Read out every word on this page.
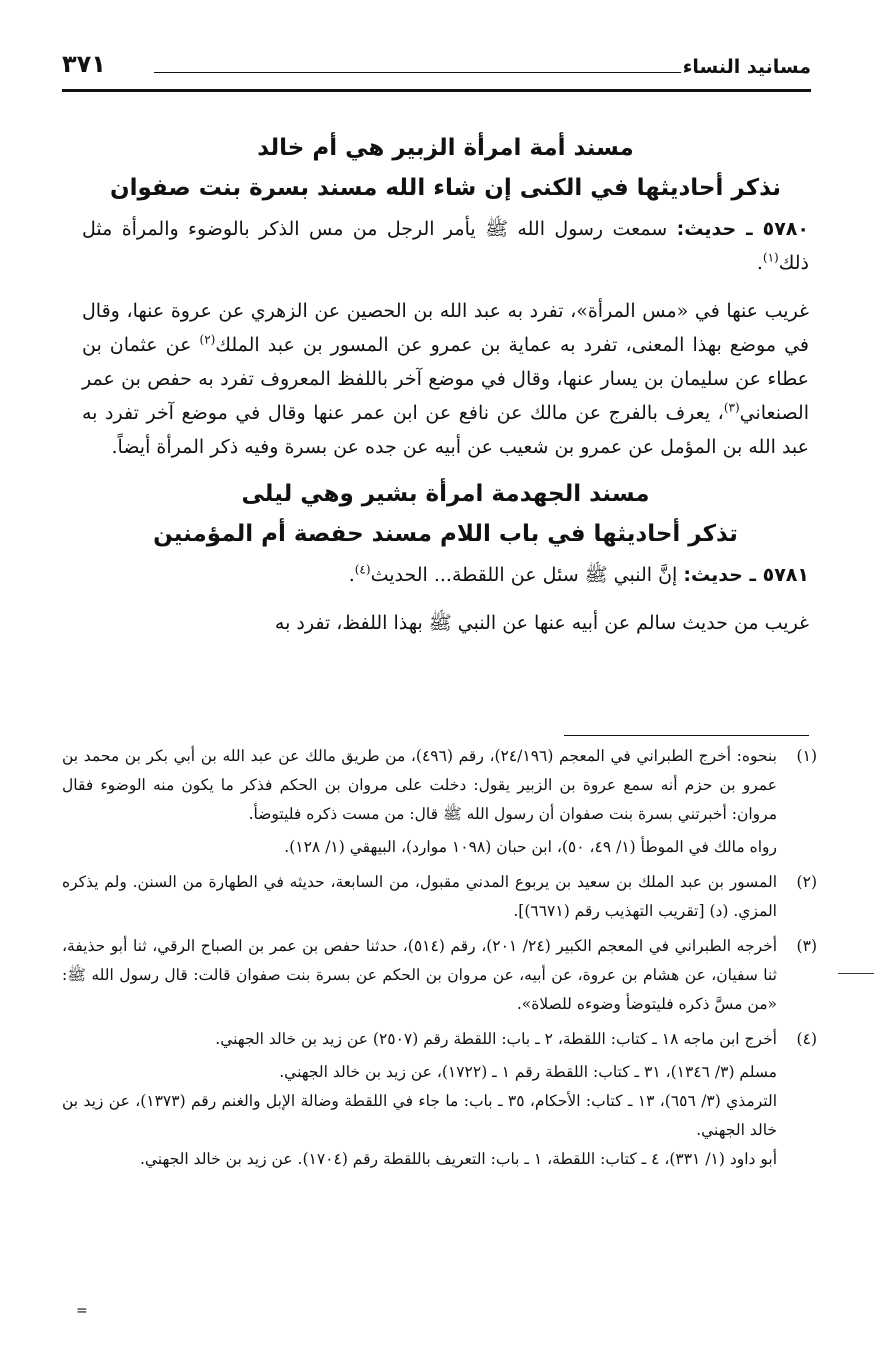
مسانيد النساء
٣٧١

مسند أمة امرأة الزبير هي أم خالد

نذكر أحاديثها في الكنى إن شاء الله مسند بسرة بنت صفوان

٥٧٨٠ ـ حديث: سمعت رسول الله ﷺ يأمر الرجل من مس الذكر بالوضوء والمرأة مثل ذلك$^{(١)}$.

غريب عنها في «مس المرأة»، تفرد به عبد الله بن الحصين عن الزهري عن عروة عنها، وقال في موضع بهذا المعنى، تفرد به عماية بن عمرو عن المسور بن عبد الملك$^{(٢)}$ عن عثمان بن عطاء عن سليمان بن يسار عنها، وقال في موضع آخر باللفظ المعروف تفرد به حفص بن عمر الصنعاني$^{(٣)}$، يعرف بالفرج عن مالك عن نافع عن ابن عمر عنها وقال في موضع آخر تفرد به عبد الله بن المؤمل عن عمرو بن شعيب عن أبيه عن جده عن بسرة وفيه ذكر المرأة أيضاً.

مسند الجهدمة امرأة بشير وهي ليلى

تذكر أحاديثها في باب اللام مسند حفصة أم المؤمنين

٥٧٨١ ـ حديث: إنَّ النبي ﷺ سئل عن اللقطة... الحديث$^{(٤)}$.

غريب من حديث سالم عن أبيه عنها عن النبي ﷺ بهذا اللفظ، تفرد به

(١)

بنحوه: أخرج الطبراني في المعجم (٢٤/١٩٦)، رقم (٤٩٦)، من طريق مالك عن عبد الله بن أبي بكر بن محمد بن عمرو بن حزم أنه سمع عروة بن الزبير يقول: دخلت على مروان بن الحكم فذكر ما يكون منه الوضوء فقال مروان: أخبرتني بسرة بنت صفوان أن رسول الله ﷺ قال: من مست ذكره فليتوضأ.

رواه مالك في الموطأ (١/ ٤٩، ٥٠)، ابن حبان (١٠٩٨ موارد)، البيهقي (١/ ١٢٨).

(٢)

المسور بن عبد الملك بن سعيد بن يربوع المدني مقبول، من السابعة، حديثه في الطهارة من السنن. ولم يذكره المزي. (د) [تقريب التهذيب رقم (٦٦٧١)].

(٣)

أخرجه الطبراني في المعجم الكبير (٢٤/ ٢٠١)، رقم (٥١٤)، حدثنا حفص بن عمر بن الصباح الرقي، ثنا أبو حذيفة، ثنا سفيان، عن هشام بن عروة، عن أبيه، عن مروان بن الحكم عن بسرة بنت صفوان قالت: قال رسول الله ﷺ: «من مسَّ ذكره فليتوضأ وضوءه للصلاة».

(٤)

أخرج ابن ماجه ١٨ ـ كتاب: اللقطة، ٢ ـ باب: اللقطة رقم (٢٥٠٧) عن زيد بن خالد الجهني.

مسلم (٣/ ١٣٤٦)، ٣١ ـ كتاب: اللقطة رقم ١ ـ (١٧٢٢)، عن زيد بن خالد الجهني.

الترمذي (٣/ ٦٥٦)، ١٣ ـ كتاب: الأحكام، ٣٥ ـ باب: ما جاء في اللقطة وضالة الإبل والغنم رقم (١٣٧٣)، عن زيد بن خالد الجهني.

أبو داود (١/ ٣٣١)، ٤ ـ كتاب: اللقطة، ١ ـ باب: التعريف باللقطة رقم (١٧٠٤). عن زيد بن خالد الجهني.

=
